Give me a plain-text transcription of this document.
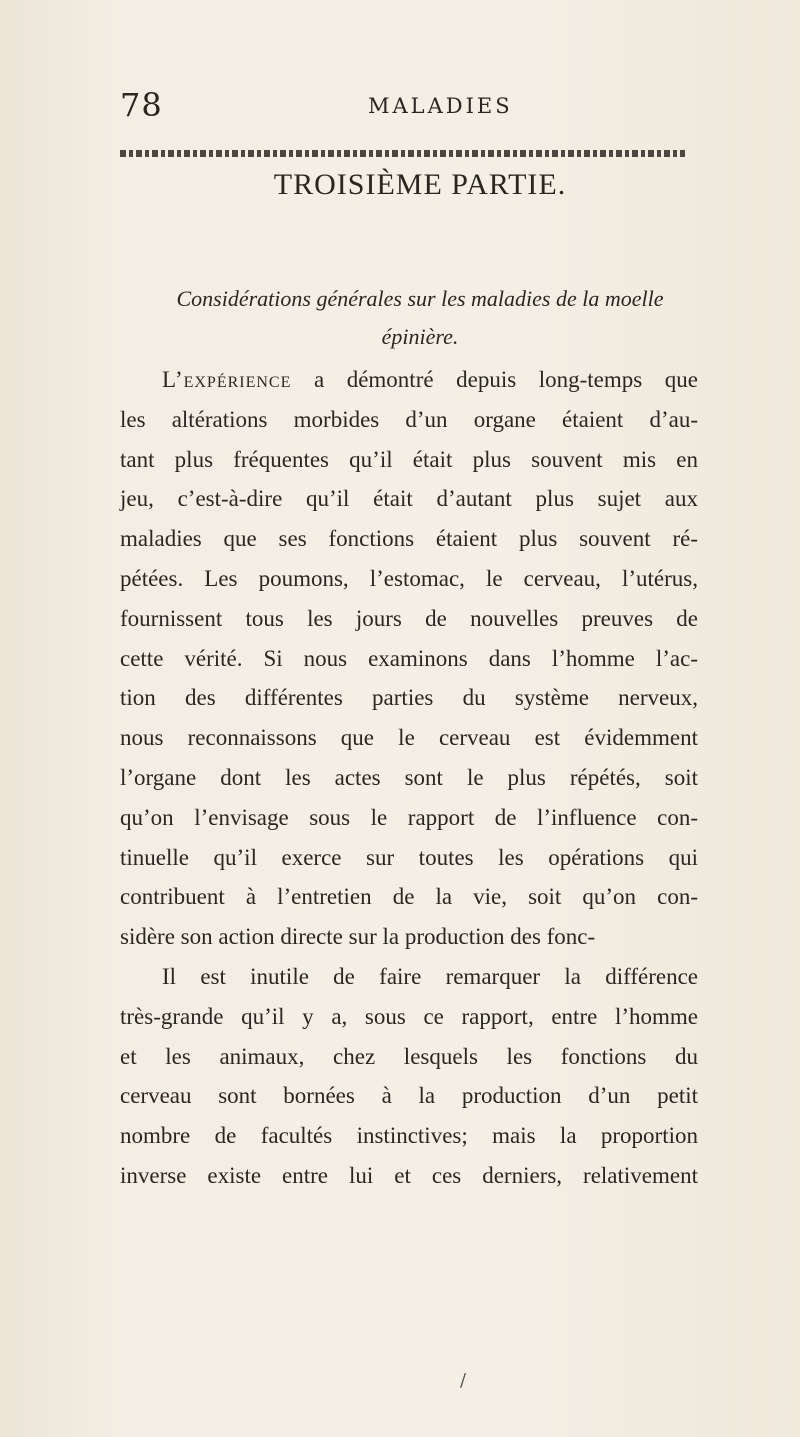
78	MALADIES
TROISIÈME PARTIE.
Considérations générales sur les maladies de la moelle
épinière.
L’expérience a démontré depuis long-temps que
les altérations morbides d’un organe étaient d’au-
tant plus fréquentes qu’il était plus souvent mis en
jeu, c’est-à-dire qu’il était d’autant plus sujet aux
maladies que ses fonctions étaient plus souvent ré-
pétées. Les poumons, l’estomac, le cerveau, l’utérus,
fournissent tous les jours de nouvelles preuves de
cette vérité. Si nous examinons dans l’homme l’ac-
tion des différentes parties du système nerveux,
nous reconnaissons que le cerveau est évidemment
l’organe dont les actes sont le plus répétés, soit
qu’on l’envisage sous le rapport de l’influence con-
tinuelle qu’il exerce sur toutes les opérations qui
contribuent à l’entretien de la vie, soit qu’on con-
sidère son action directe sur la production des fonc-
Il est inutile de faire remarquer la différence
très-grande qu’il y a, sous ce rapport, entre l’homme
et les animaux, chez lesquels les fonctions du
cerveau sont bornées à la production d’un petit
nombre de facultés instinctives; mais la proportion
inverse existe entre lui et ces derniers, relativement
/
